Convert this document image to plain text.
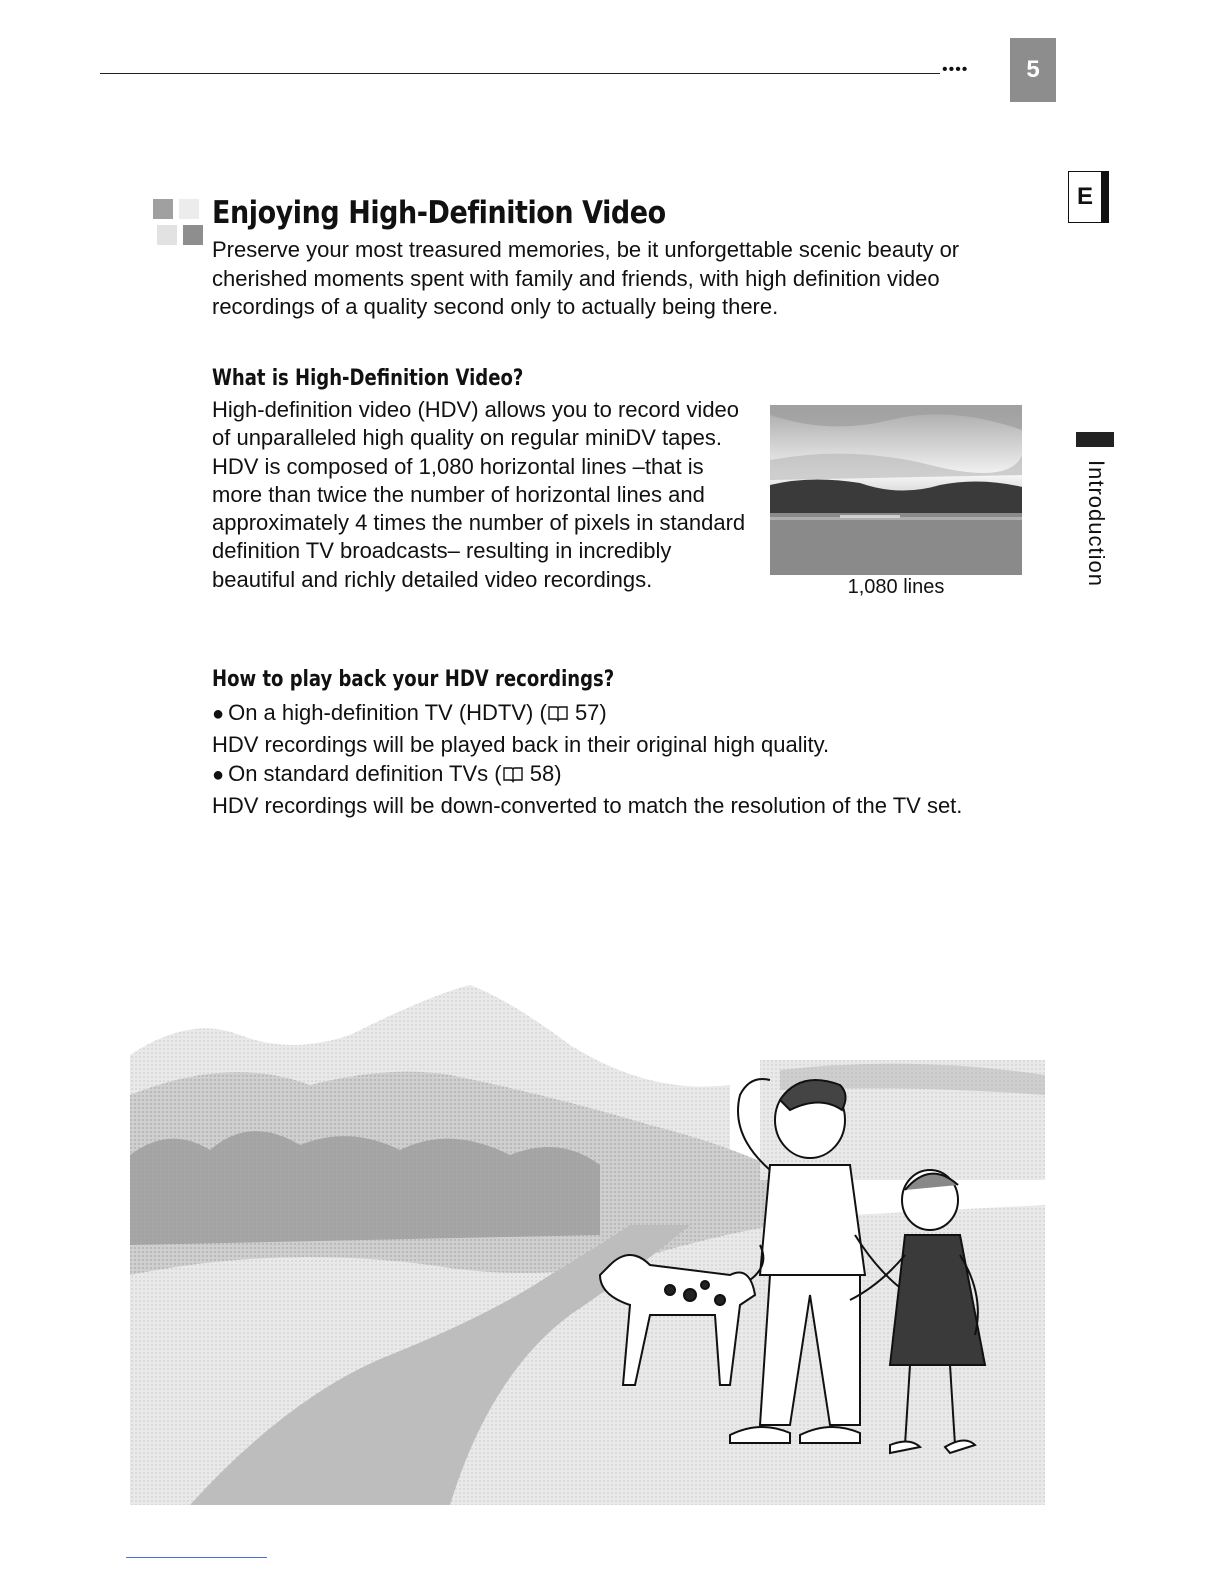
•••• 5
E
Introduction
Enjoying High-Definition Video

Preserve your most treasured memories, be it unforgettable scenic beauty or cherished moments spent with family and friends, with high definition video recordings of a quality second only to actually being there.

What is High-Definition Video?

High-definition video (HDV) allows you to record video of unparalleled high quality on regular miniDV tapes. HDV is composed of 1,080 horizontal lines –that is more than twice the number of horizontal lines and approximately 4 times the number of pixels in standard definition TV broadcasts– resulting in incredibly beautiful and richly detailed video recordings.	1,080 lines
How to play back your HDV recordings?
● On a high-definition TV (HDTV) ( 57)
HDV recordings will be played back in their original high quality.
● On standard definition TVs ( 58)
HDV recordings will be down-converted to match the resolution of the TV set.
